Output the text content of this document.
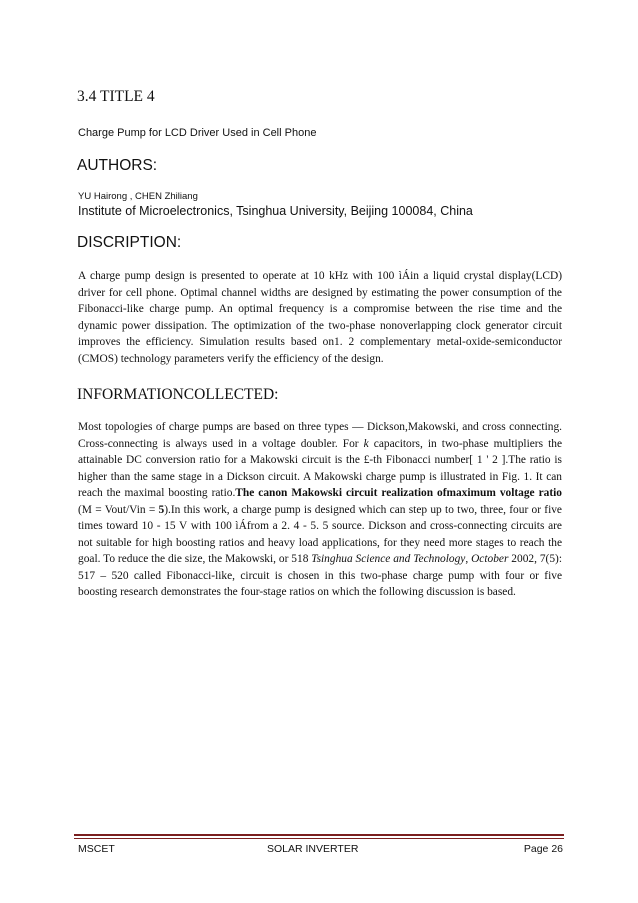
3.4 TITLE 4

Charge Pump for LCD Driver Used in Cell Phone

AUTHORS:

YU Hairong , CHEN Zhiliang

Institute of Microelectronics, Tsinghua University, Beijing 100084, China

DISCRIPTION:

A charge pump design is presented to operate at 10 kHz with 100 ìÁin a liquid crystal display(LCD) driver for cell phone. Optimal channel widths are designed by estimating the power consumption of the Fibonacci-like charge pump. An optimal frequency is a compromise between the rise time and the dynamic power dissipation. The optimization of the two-phase nonoverlapping clock generator circuit improves the efficiency. Simulation results based on1. 2 complementary metal-oxide-semiconductor (CMOS) technology parameters verify the efficiency of the design.

INFORMATIONCOLLECTED:

Most topologies of charge pumps are based on three types — Dickson,Makowski, and cross connecting. Cross-connecting is always used in a voltage doubler. For k capacitors, in two-phase multipliers the attainable DC conversion ratio for a Makowski circuit is the £-th Fibonacci number[ 1 ' 2 ].The ratio is higher than the same stage in a Dickson circuit. A Makowski charge pump is illustrated in Fig. 1. It can reach the maximal boosting ratio.The canon Makowski circuit realization ofmaximum voltage ratio (M = Vout/Vin = 5).In this work, a charge pump is designed which can step up to two, three, four or five times toward 10 - 15 V with 100 ìÁfrom a 2. 4 - 5. 5 source. Dickson and cross-connecting circuits are not suitable for high boosting ratios and heavy load applications, for they need more stages to reach the goal. To reduce the die size, the Makowski, or 518 Tsinghua Science and Technology, October 2002, 7(5): 517 – 520 called Fibonacci-like, circuit is chosen in this two-phase charge pump with four or five boosting research demonstrates the four-stage ratios on which the following discussion is based.

MSCET	SOLAR INVERTER	Page 26
